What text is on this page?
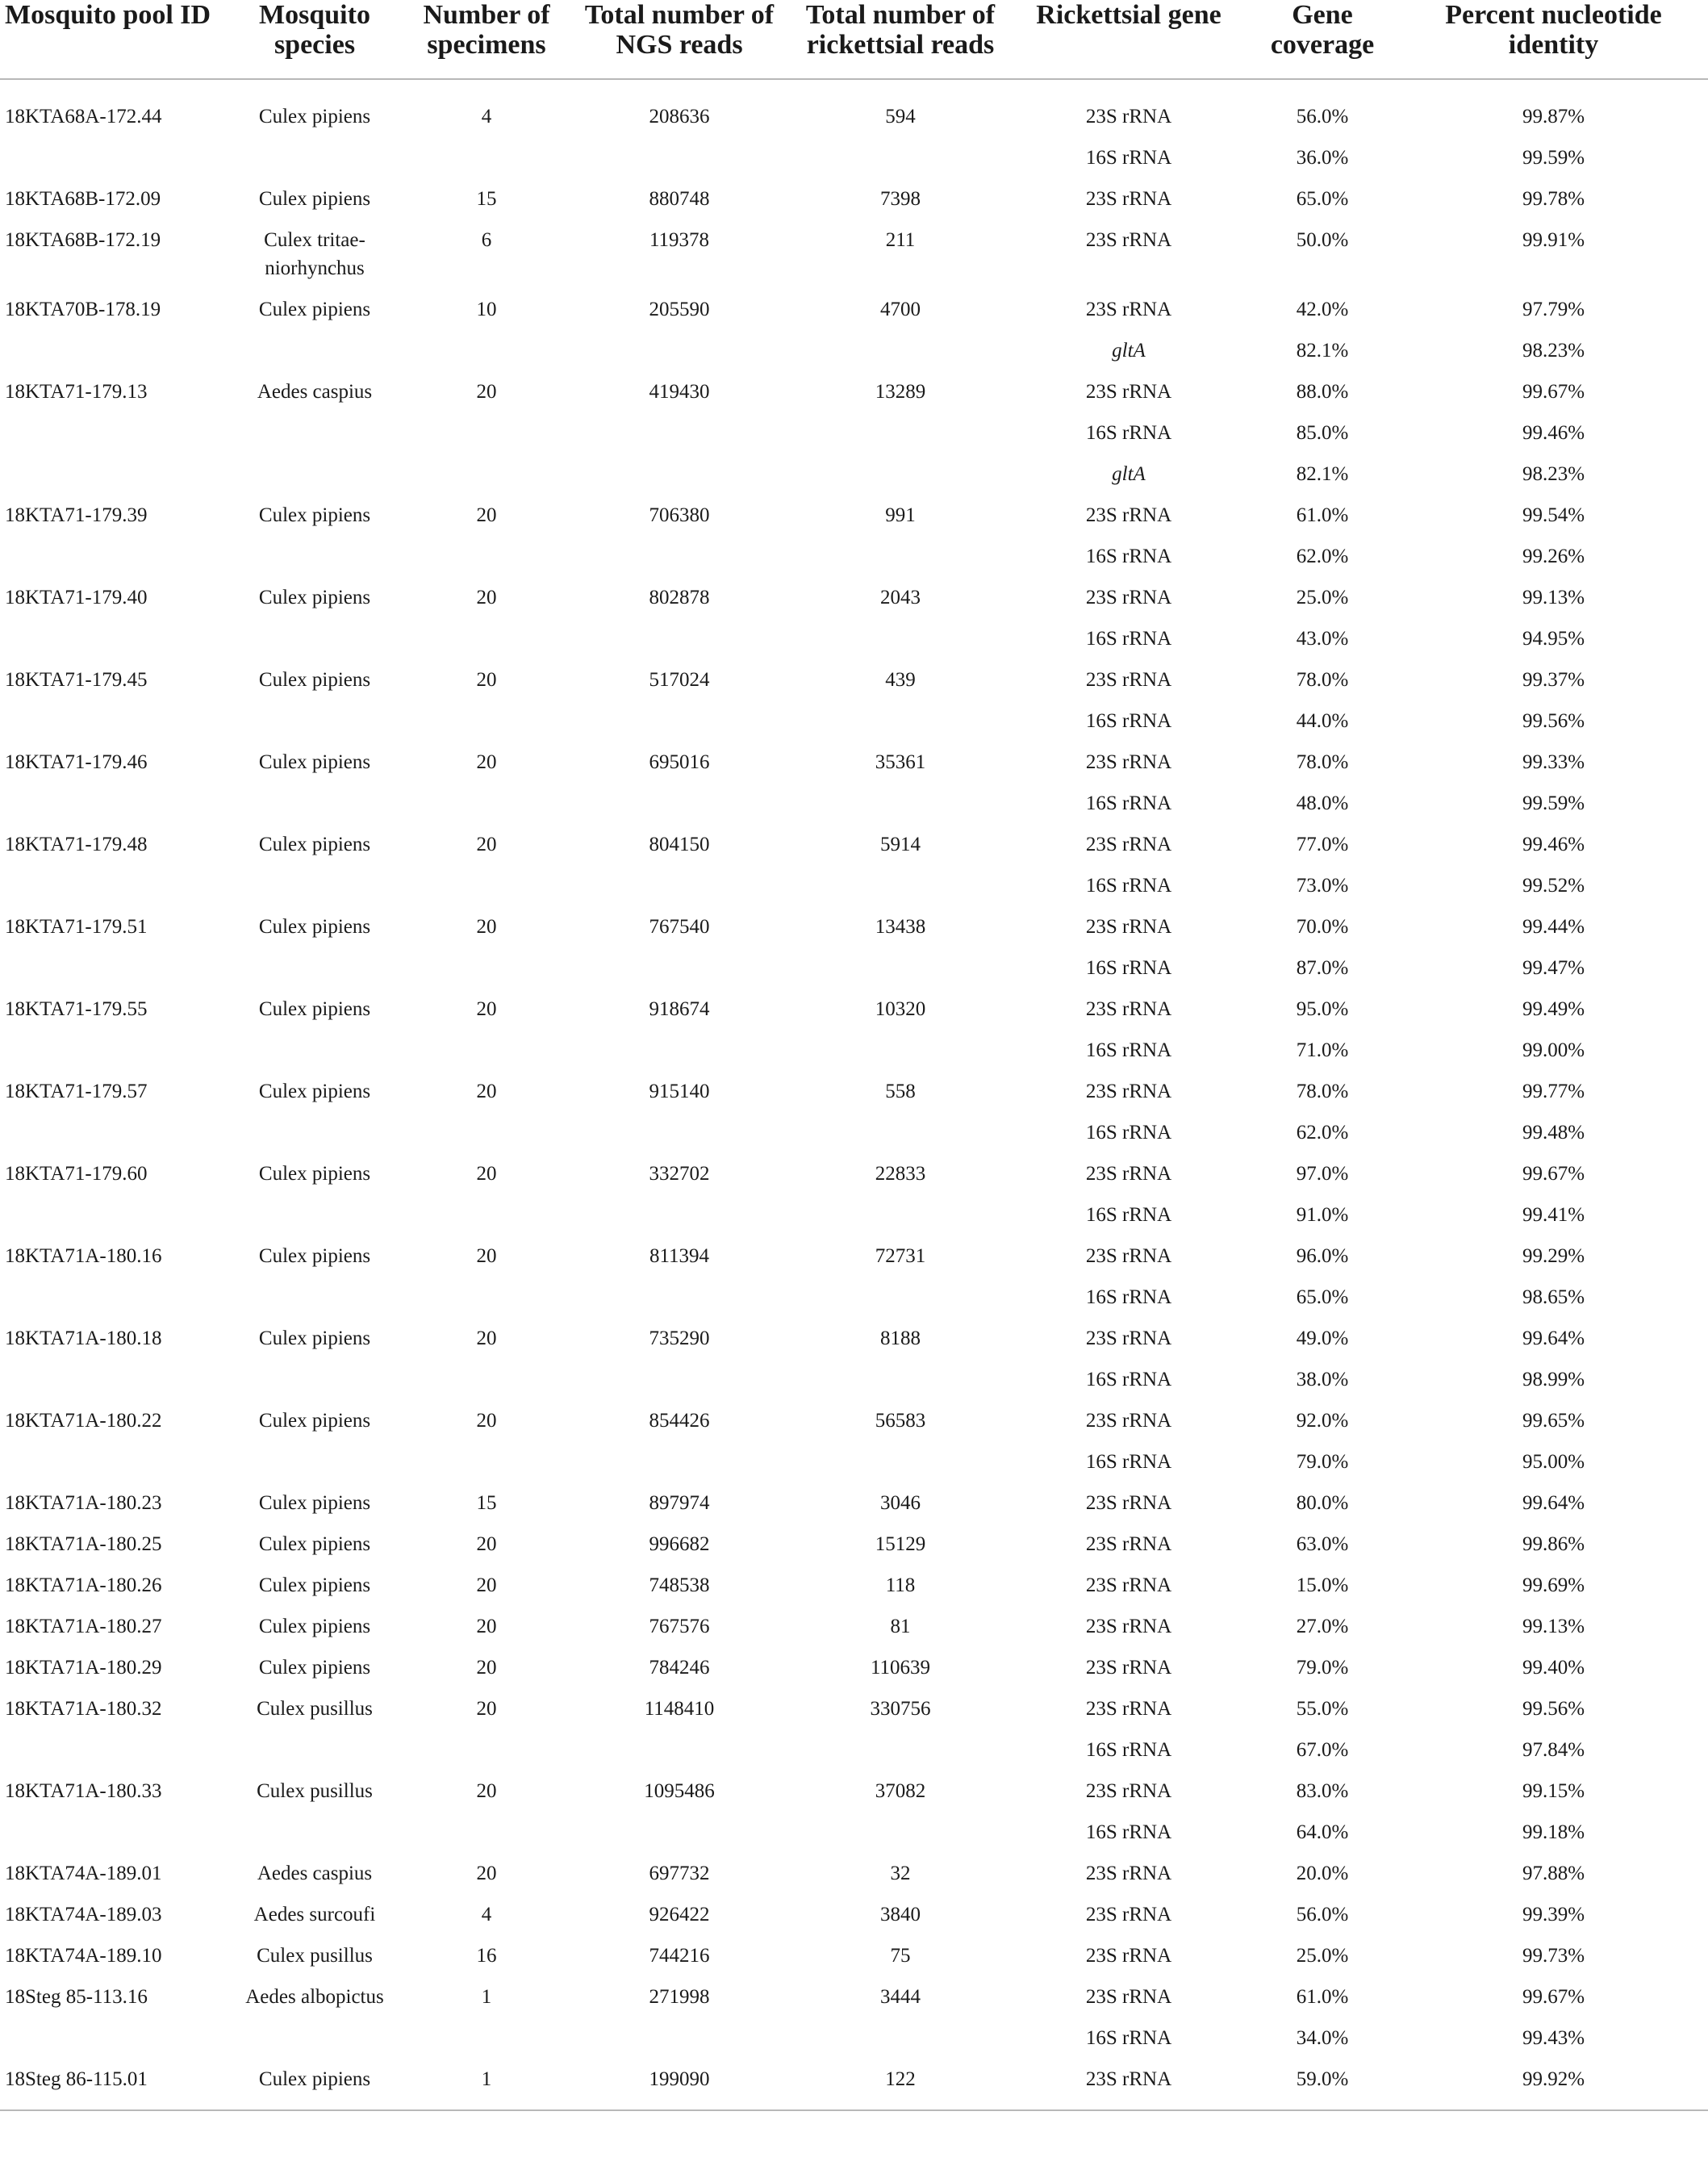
Mosquito pool ID	Mosquito species	Number of specimens	Total number of NGS reads	Total number of rickettsial reads	Rickettsial gene	Gene coverage	Percent nucleotide identity
18KTA68A-172.44	Culex pipiens	4	208636	594	23S rRNA	56.0%	99.87%
					16S rRNA	36.0%	99.59%
18KTA68B-172.09	Culex pipiens	15	880748	7398	23S rRNA	65.0%	99.78%
18KTA68B-172.19	Culex tritae-niorhynchus	6	119378	211	23S rRNA	50.0%	99.91%
18KTA70B-178.19	Culex pipiens	10	205590	4700	23S rRNA	42.0%	97.79%
					gltA	82.1%	98.23%
18KTA71-179.13	Aedes caspius	20	419430	13289	23S rRNA	88.0%	99.67%
					16S rRNA	85.0%	99.46%
					gltA	82.1%	98.23%
18KTA71-179.39	Culex pipiens	20	706380	991	23S rRNA	61.0%	99.54%
					16S rRNA	62.0%	99.26%
18KTA71-179.40	Culex pipiens	20	802878	2043	23S rRNA	25.0%	99.13%
					16S rRNA	43.0%	94.95%
18KTA71-179.45	Culex pipiens	20	517024	439	23S rRNA	78.0%	99.37%
					16S rRNA	44.0%	99.56%
18KTA71-179.46	Culex pipiens	20	695016	35361	23S rRNA	78.0%	99.33%
					16S rRNA	48.0%	99.59%
18KTA71-179.48	Culex pipiens	20	804150	5914	23S rRNA	77.0%	99.46%
					16S rRNA	73.0%	99.52%
18KTA71-179.51	Culex pipiens	20	767540	13438	23S rRNA	70.0%	99.44%
					16S rRNA	87.0%	99.47%
18KTA71-179.55	Culex pipiens	20	918674	10320	23S rRNA	95.0%	99.49%
					16S rRNA	71.0%	99.00%
18KTA71-179.57	Culex pipiens	20	915140	558	23S rRNA	78.0%	99.77%
					16S rRNA	62.0%	99.48%
18KTA71-179.60	Culex pipiens	20	332702	22833	23S rRNA	97.0%	99.67%
					16S rRNA	91.0%	99.41%
18KTA71A-180.16	Culex pipiens	20	811394	72731	23S rRNA	96.0%	99.29%
					16S rRNA	65.0%	98.65%
18KTA71A-180.18	Culex pipiens	20	735290	8188	23S rRNA	49.0%	99.64%
					16S rRNA	38.0%	98.99%
18KTA71A-180.22	Culex pipiens	20	854426	56583	23S rRNA	92.0%	99.65%
					16S rRNA	79.0%	95.00%
18KTA71A-180.23	Culex pipiens	15	897974	3046	23S rRNA	80.0%	99.64%
18KTA71A-180.25	Culex pipiens	20	996682	15129	23S rRNA	63.0%	99.86%
18KTA71A-180.26	Culex pipiens	20	748538	118	23S rRNA	15.0%	99.69%
18KTA71A-180.27	Culex pipiens	20	767576	81	23S rRNA	27.0%	99.13%
18KTA71A-180.29	Culex pipiens	20	784246	110639	23S rRNA	79.0%	99.40%
18KTA71A-180.32	Culex pusillus	20	1148410	330756	23S rRNA	55.0%	99.56%
					16S rRNA	67.0%	97.84%
18KTA71A-180.33	Culex pusillus	20	1095486	37082	23S rRNA	83.0%	99.15%
					16S rRNA	64.0%	99.18%
18KTA74A-189.01	Aedes caspius	20	697732	32	23S rRNA	20.0%	97.88%
18KTA74A-189.03	Aedes surcoufi	4	926422	3840	23S rRNA	56.0%	99.39%
18KTA74A-189.10	Culex pusillus	16	744216	75	23S rRNA	25.0%	99.73%
18Steg 85-113.16	Aedes albopictus	1	271998	3444	23S rRNA	61.0%	99.67%
					16S rRNA	34.0%	99.43%
18Steg 86-115.01	Culex pipiens	1	199090	122	23S rRNA	59.0%	99.92%
